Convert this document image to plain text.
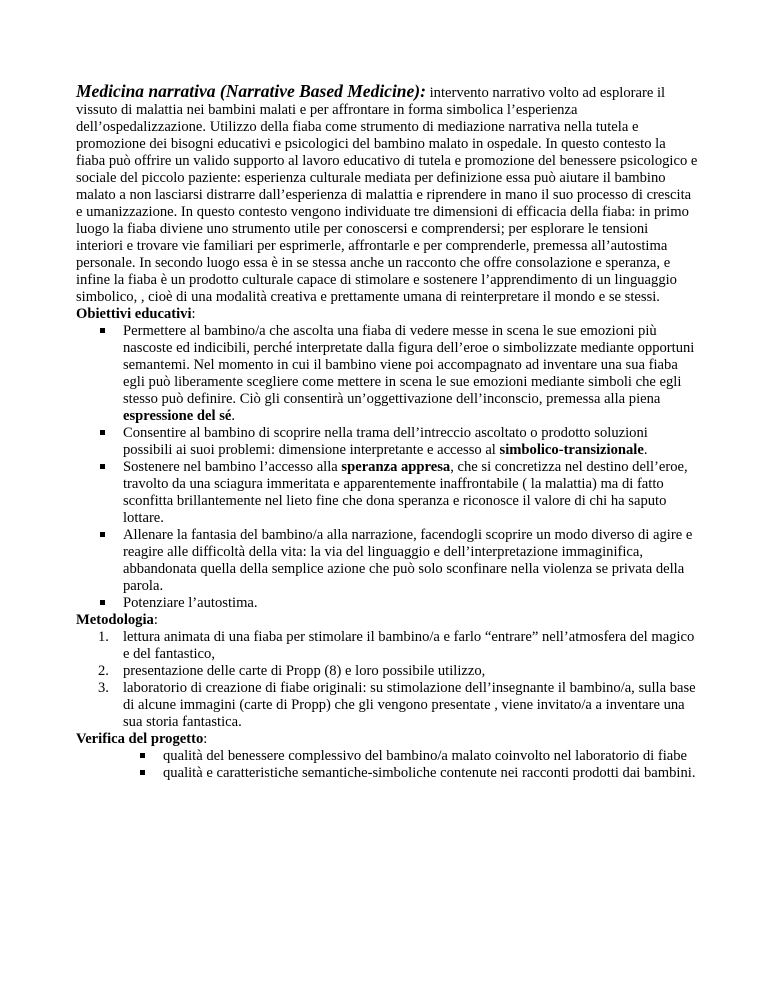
Medicina narrativa (Narrative Based Medicine): intervento narrativo volto ad esplorare il vissuto di malattia nei bambini malati e per affrontare in forma simbolica l’esperienza dell’ospedalizzazione. Utilizzo della fiaba come strumento di mediazione narrativa nella tutela e promozione dei bisogni educativi e psicologici del bambino malato in ospedale. In questo contesto la fiaba può offrire un valido supporto al lavoro educativo di tutela e promozione del benessere psicologico e sociale del piccolo paziente: esperienza culturale mediata per definizione essa può aiutare il bambino malato a non lasciarsi distrarre dall’esperienza di malattia e riprendere in mano il suo processo di crescita e umanizzazione. In questo contesto vengono individuate tre dimensioni di efficacia della fiaba: in primo luogo la fiaba diviene uno strumento utile per conoscersi e comprendersi; per esplorare le tensioni interiori e trovare vie familiari per esprimerle, affrontarle e per comprenderle, premessa all’autostima personale. In secondo luogo essa è in se stessa anche un racconto che offre consolazione e speranza, e infine la fiaba è un prodotto culturale capace di stimolare e sostenere l’apprendimento di un linguaggio simbolico, , cioè di una modalità creativa e prettamente umana di reinterpretare il mondo e se stessi.

Obiettivi educativi:

Permettere al bambino/a che ascolta una fiaba di vedere messe in scena le sue emozioni più nascoste ed indicibili, perché interpretate dalla figura dell’eroe o simbolizzate mediante opportuni semantemi. Nel momento in cui il bambino viene poi accompagnato ad inventare una sua fiaba egli può liberamente scegliere come mettere in scena le sue emozioni mediante simboli che egli stesso può definire. Ciò gli consentirà un’oggettivazione dell’inconscio, premessa alla piena espressione del sé.
Consentire al bambino di scoprire nella trama dell’intreccio ascoltato o prodotto soluzioni possibili ai suoi problemi: dimensione interpretante e accesso al simbolico-transizionale.
Sostenere nel bambino l’accesso alla speranza appresa, che si concretizza nel destino dell’eroe, travolto da una sciagura immeritata e apparentemente inaffrontabile ( la malattia) ma di fatto sconfitta brillantemente nel lieto fine che dona speranza e riconosce il valore di chi ha saputo lottare.
Allenare la fantasia del bambino/a alla narrazione, facendogli scoprire un modo diverso di agire e reagire alle difficoltà della vita: la via del linguaggio e dell’interpretazione immaginifica, abbandonata quella della semplice azione che può solo sconfinare nella violenza se privata della parola.
Potenziare l’autostima.

Metodologia:

1. lettura animata di una fiaba per stimolare il bambino/a e farlo “entrare” nell’atmosfera del magico e del fantastico,
2. presentazione delle carte di Propp (8) e loro possibile utilizzo,
3. laboratorio di creazione di fiabe originali: su stimolazione dell’insegnante il bambino/a, sulla base di alcune immagini (carte di Propp) che gli vengono presentate , viene invitato/a a inventare una sua storia fantastica.

Verifica del progetto:

qualità del benessere complessivo del bambino/a malato coinvolto nel laboratorio di fiabe
qualità e caratteristiche semantiche-simboliche contenute nei racconti prodotti dai bambini.
